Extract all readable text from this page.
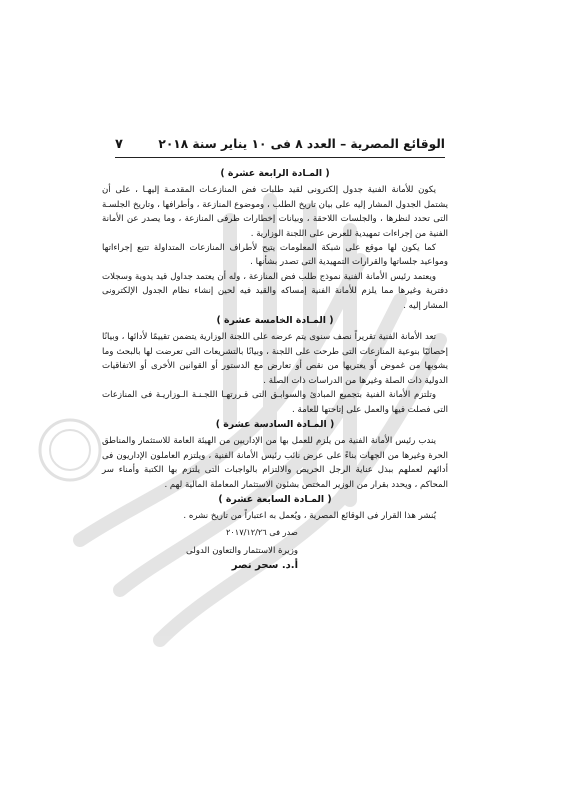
الوقائع المصرية – العدد ٨ فى ١٠ يناير سنة ٢٠١٨
٧
( المـادة الرابعة عشرة )

يكون للأمانة الفنية جدول إلكترونى لقيد طلبات فض المنازعـات المقدمـة إليهـا ، على أن يشتمل الجدول المشار إليه على بيان تاريخ الطلب ، وموضوع المنازعة ، وأطرافها ، وتاريخ الجلسـة التى تحدد لنظرها ، والجلسات اللاحقة ، وبيانات إخطارات طرفى المنازعة ، وما يصدر عن الأمانة الفنية من إجراءات تمهيدية للعرض على اللجنة الوزارية .

كما يكون لها موقع على شبكة المعلومات يتيح لأطراف المنازعات المتداولة تتبع إجراءاتها ومواعيد جلساتها والقرارات التمهيدية التى تصدر بشأنها .

ويعتمد رئيس الأمانة الفنية نموذج طلب فض المنازعة ، وله أن يعتمد جداول قيد يدوية وسجلات دفترية وغيرها مما يلزم للأمانة الفنية إمساكه والقيد فيه لحين إنشاء نظام الجدول الإلكترونى المشار إليه .

( المـادة الخامسة عشرة )

تعد الأمانة الفنية تقريراً نصف سنوى يتم عرضه على اللجنة الوزارية يتضمن تقييمًا لأدائها ، وبيانًا إحصائيًا بنوعية المنازعات التى طرحت على اللجنة ، وبيانًا بالتشريعات التى تعرضت لها بالبحث وما يشوبها من غموض أو يعتريها من نقص أو تعارض مع الدستور أو القوانين الأخرى أو الاتفاقيات الدولية ذات الصلة وغيرها من الدراسات ذات الصلة .

وتلتزم الأمانة الفنية بتجميع المبادئ والسوابـق التى قـررتهـا اللجـنـة الـوزاريـة فى المنازعات التى فصلت فيها والعمل على إتاحتها للعامة .

( المـادة السادسة عشرة )

يندب رئيس الأمانة الفنية من يلزم للعمل بها من الإداريين من الهيئة العامة للاستثمار والمناطق الحرة وغيرها من الجهات بناءً على عرض نائب رئيس الأمانة الفنية ، ويلتزم العاملون الإداريون فى أدائهم لعملهم ببذل عناية الرجل الحريص والالتزام بالواجبات التى يلتزم بها الكتبة وأمناء سر المحاكم ، ويحدد بقرار من الوزير المختص بشئون الاستثمار المعاملة المالية لهم .

( المـادة السابعة عشرة )

يُنشر هذا القرار فى الوقائع المصرية ، ويُعمل به اعتباراً من تاريخ نشره .

صدر فى ٢٠١٧/١٢/٢٦

وزيرة الاستثمار والتعاون الدولى
أ.د. سحر نصر
